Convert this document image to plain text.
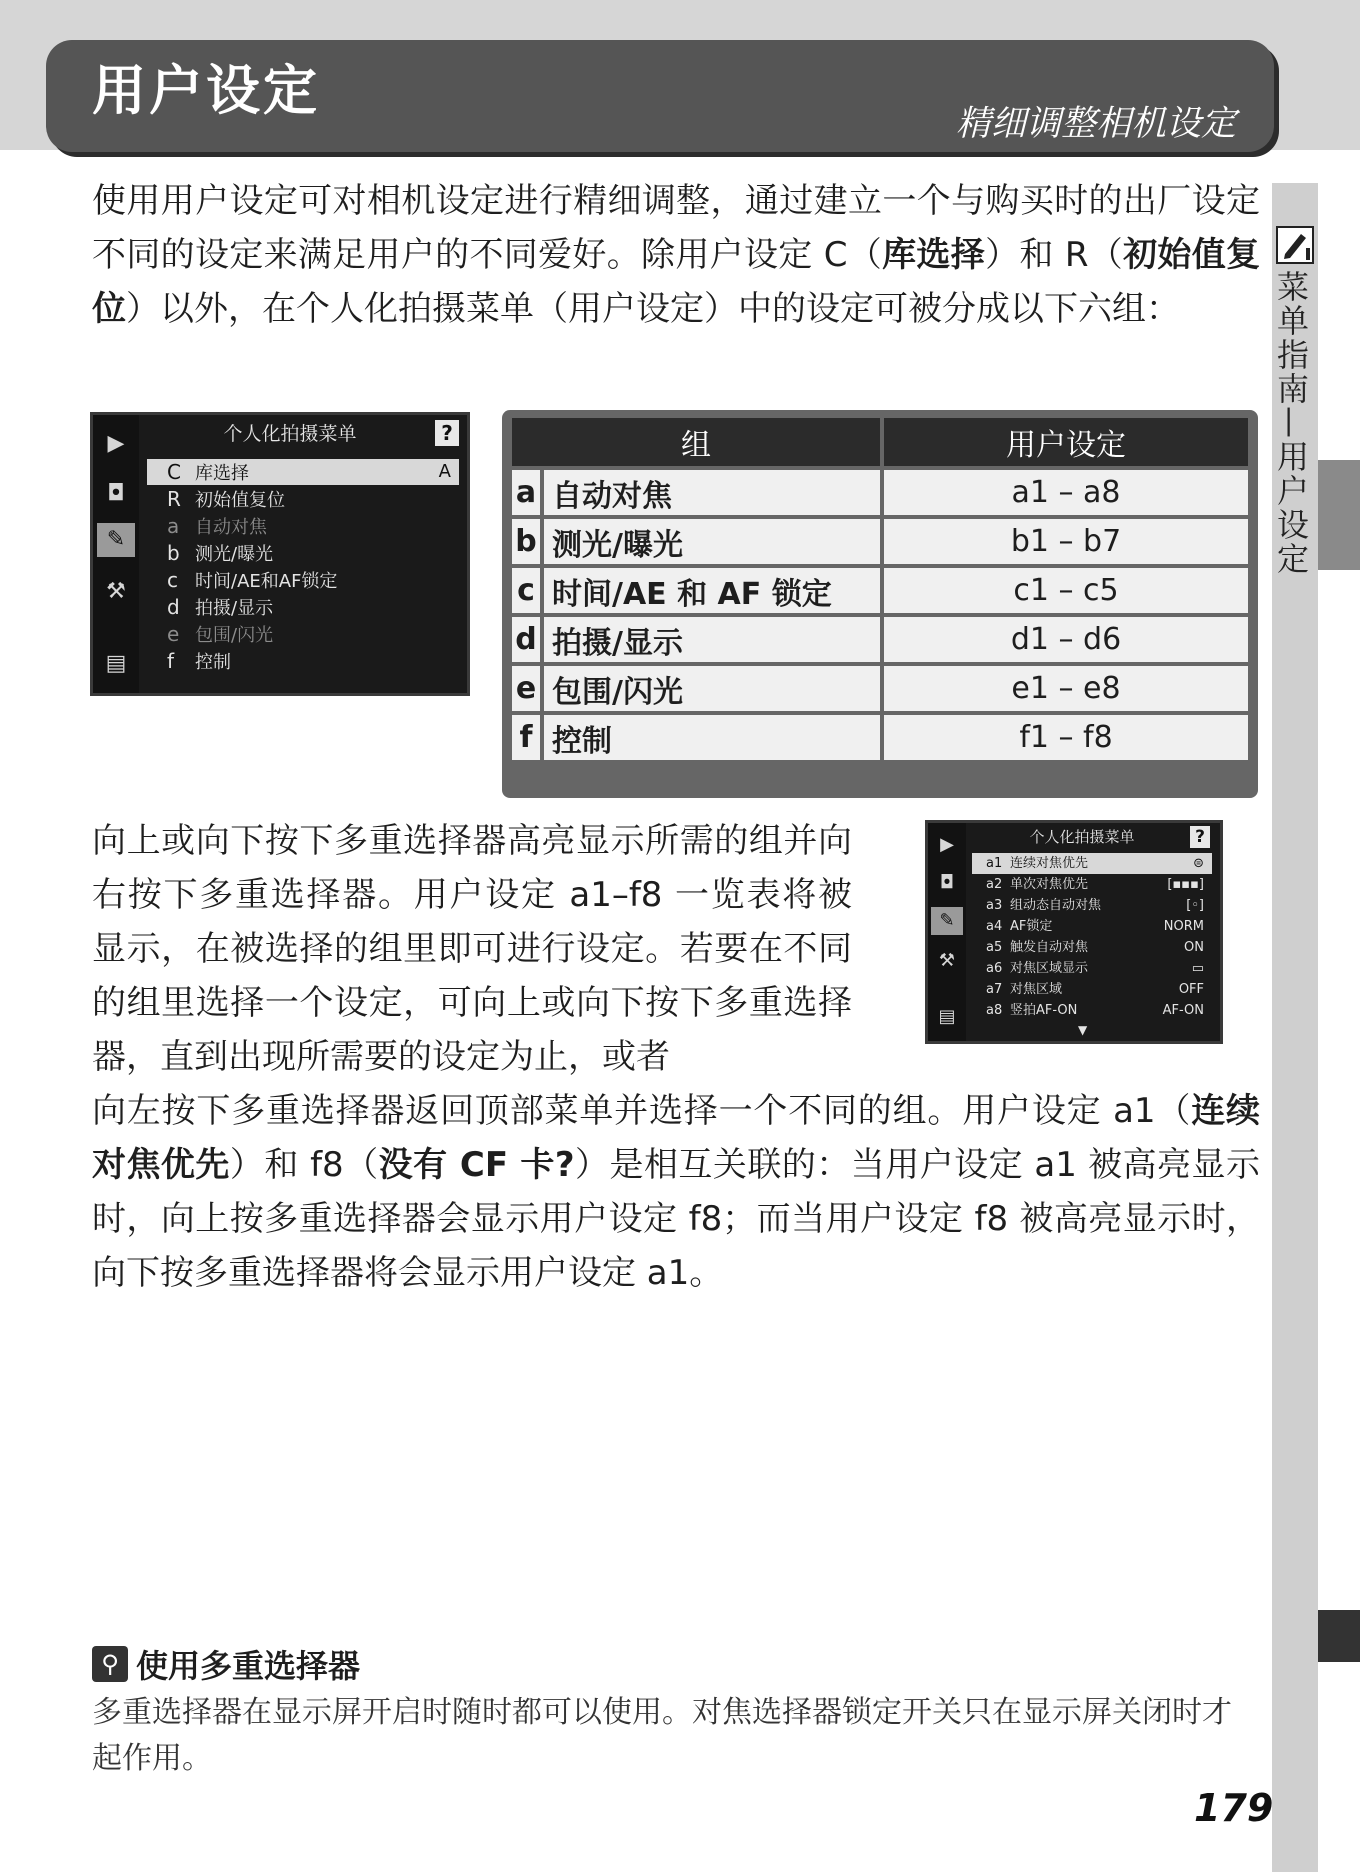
用户设定
精细调整相机设定
菜单指南—用户设定

使用用户设定可对相机设定进行精细调整，通过建立一个与购买时的出厂设定不同的设定来满足用户的不同爱好。除用户设定 C（库选择）和 R（初始值复位）以外，在个人化拍摄菜单（用户设定）中的设定可被分成以下六组：

▶
◘
✎
⚒
▤
个人化拍摄菜单	?
C 库选择	A
R 初始值复位
a 自动对焦
b 测光/曝光
c 时间/AE和AF锁定
d 拍摄/显示
e 包围/闪光
f 控制
组		用户设定
a	自动对焦	a1 – a8
b	测光/曝光	b1 – b7
c	时间/AE 和 AF 锁定	c1 – c5
d	拍摄/显示	d1 – d6
e	包围/闪光	e1 – e8
f	控制	f1 – f8

向上或向下按下多重选择器高亮显示所需的组并向右按下多重选择器。用户设定 a1–f8 一览表将被显示，在被选择的组里即可进行设定。若要在不同的组里选择一个设定，可向上或向下按下多重选择器，直到出现所需要的设定为止，或者

▶
◘
✎
⚒
▤
个人化拍摄菜单	?
a1 连续对焦优先	⊜
a2 单次对焦优先	[▪▪▪]
a3 组动态自动对焦	[◦]
a4 AF锁定	NORM
a5 触发自动对焦	ON
a6 对焦区域显示	▭
a7 对焦区域	OFF
a8 竖拍AF-ON	AF-ON
▼

向左按下多重选择器返回顶部菜单并选择一个不同的组。用户设定 a1（连续对焦优先）和 f8（没有 CF 卡?）是相互关联的：当用户设定 a1 被高亮显示时，向上按多重选择器会显示用户设定 f8；而当用户设定 f8 被高亮显示时，向下按多重选择器将会显示用户设定 a1。

⚲ 使用多重选择器

多重选择器在显示屏开启时随时都可以使用。对焦选择器锁定开关只在显示屏关闭时才起作用。

179
